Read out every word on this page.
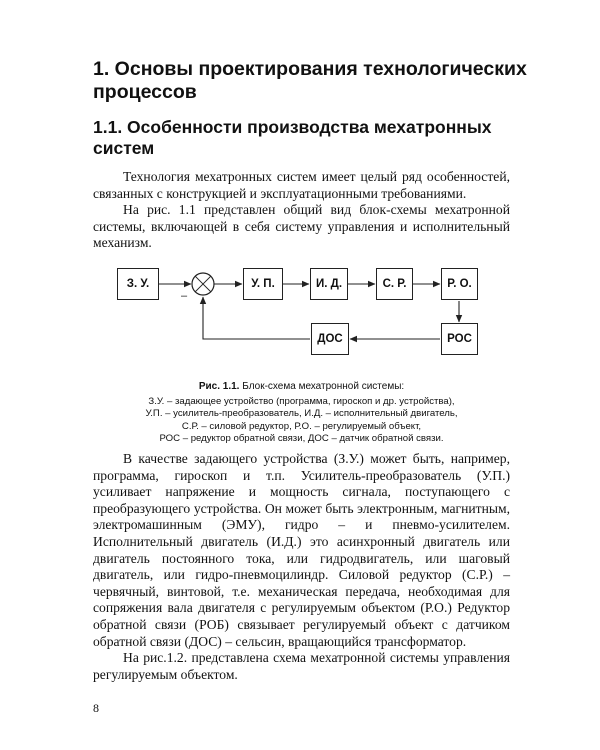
1. Основы проектирования технологических процессов
1.1. Особенности производства мехатронных систем

Технология мехатронных систем имеет целый ряд особенностей, связанных с конструкцией и эксплуатационными требованиями.

На рис. 1.1 представлен общий вид блок-схемы мехатронной системы, включающей в себя систему управления и исполнительный механизм.

–
З. У.	У. П.	И. Д.	С. Р.	Р. О.
РОС
ДОС
Рис. 1.1. Блок-схема мехатронной системы:
З.У. – задающее устройство (программа, гироскоп и др. устройства),
У.П. – усилитель-преобразователь, И.Д. – исполнительный двигатель,
С.Р. – силовой редуктор, Р.О. – регулируемый объект,
РОС – редуктор обратной связи, ДОС – датчик обратной связи.

В качестве задающего устройства (З.У.) может быть, например, программа, гироскоп и т.п. Усилитель-преобразователь (У.П.) усиливает напряжение и мощность сигнала, поступающего с преобразующего устройства. Он может быть электронным, магнитным, электромашинным (ЭМУ), гидро – и пневмо-усилителем. Исполнительный двигатель (И.Д.) это асинхронный двигатель или двигатель постоянного тока, или гидродвигатель, или шаговый двигатель, или гидро-пневмоцилиндр. Силовой редуктор (С.Р.) – червячный, винтовой, т.е. механическая передача, необходимая для сопряжения вала двигателя с регулируемым объектом (Р.О.) Редуктор обратной связи (РОБ) связывает регулируемый объект с датчиком обратной связи (ДОС) – сельсин, вращающийся трансформатор.

На рис.1.2. представлена схема мехатронной системы управления регулируемым объектом.

8
